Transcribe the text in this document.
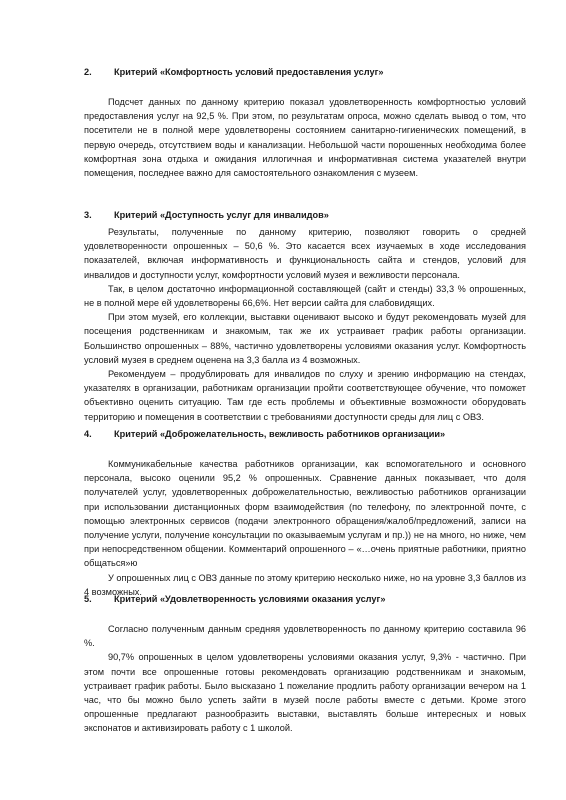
2. Критерий «Комфортность условий предоставления услуг»

Подсчет данных по данному критерию показал удовлетворенность комфортностью условий предоставления услуг на 92,5 %. При этом, по результатам опроса, можно сделать вывод о том, что посетители не в полной мере удовлетворены состоянием санитарно-гигиенических помещений, в первую очередь, отсутствием воды и канализации. Небольшой части порошенных необходима более комфортная зона отдыха и ожидания иллогичная и информативная система указателей внутри помещения, последнее важно для самостоятельного ознакомления с музеем.

3. Критерий «Доступность услуг для инвалидов»

Результаты, полученные по данному критерию, позволяют говорить о средней удовлетворенности опрошенных – 50,6 %. Это касается всех изучаемых в ходе исследования показателей, включая информативность и функциональность сайта и стендов, условий для инвалидов и доступности услуг, комфортности условий музея и вежливости персонала.

Так, в целом достаточно информационной составляющей (сайт и стенды) 33,3 % опрошенных, не в полной мере ей удовлетворены 66,6%. Нет версии сайта для слабовидящих.

При этом музей, его коллекции, выставки оценивают высоко и будут рекомендовать музей для посещения родственникам и знакомым, так же их устраивает график работы организации. Большинство опрошенных – 88%, частично удовлетворены условиями оказания услуг. Комфортность условий музея в среднем оценена на 3,3 балла из 4 возможных.

Рекомендуем – продублировать для инвалидов по слуху и зрению информацию на стендах, указателях в организации, работникам организации пройти соответствующее обучение, что поможет объективно оценить ситуацию. Там где есть проблемы и объективные возможности оборудовать территорию и помещения в соответствии с требованиями доступности среды для лиц с ОВЗ.

4. Критерий «Доброжелательность, вежливость работников организации»

Коммуникабельные качества работников организации, как вспомогательного и основного персонала, высоко оценили 95,2 % опрошенных. Сравнение данных показывает, что доля получателей услуг, удовлетворенных доброжелательностью, вежливостью работников организации при использовании дистанционных форм взаимодействия (по телефону, по электронной почте, с помощью электронных сервисов (подачи электронного обращения/жалоб/предложений, записи на получение услуги, получение консультации по оказываемым услугам и пр.)) не на много, но ниже, чем при непосредственном общении. Комментарий опрошенного – «…очень приятные работники, приятно общаться»ю

У опрошенных лиц с ОВЗ данные по этому критерию несколько ниже, но на уровне 3,3 баллов из 4 возможных.

5. Критерий «Удовлетворенность условиями оказания услуг»

Согласно полученным данным средняя удовлетворенность по данному критерию составила 96 %.

90,7% опрошенных в целом удовлетворены условиями оказания услуг, 9,3% - частично. При этом почти все опрошенные готовы рекомендовать организацию родственникам и знакомым, устраивает график работы. Было высказано 1 пожелание продлить работу организации вечером на 1 час, что бы можно было успеть зайти в музей после работы вместе с детьми. Кроме этого опрошенные предлагают разнообразить выставки, выставлять больше интересных и новых экспонатов и активизировать работу с 1 школой.
